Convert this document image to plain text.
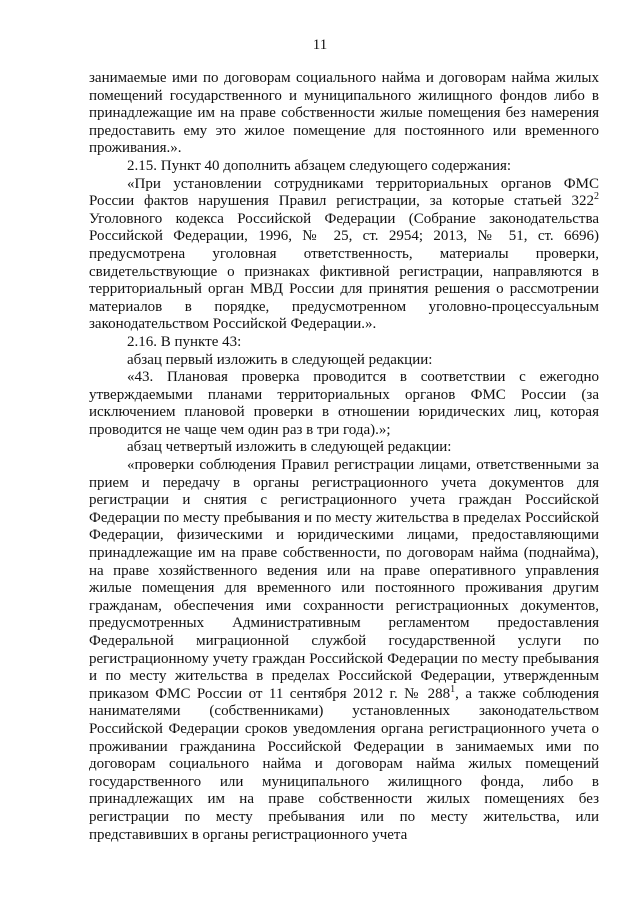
11

занимаемые ими по договорам социального найма и договорам найма жилых помещений государственного и муниципального жилищного фондов либо в принадлежащие им на праве собственности жилые помещения без намерения предоставить ему это жилое помещение для постоянного или временного проживания.».

2.15. Пункт 40 дополнить абзацем следующего содержания:

«При установлении сотрудниками территориальных органов ФМС России фактов нарушения Правил регистрации, за которые статьей $322^2$ Уголовного кодекса Российской Федерации (Собрание законодательства Российской Федерации, 1996, № 25, ст. 2954; 2013, № 51, ст. 6696) предусмотрена уголовная ответственность, материалы проверки, свидетельствующие о признаках фиктивной регистрации, направляются в территориальный орган МВД России для принятия решения о рассмотрении материалов в порядке, предусмотренном уголовно-процессуальным законодательством Российской Федерации.».

2.16. В пункте 43:

абзац первый изложить в следующей редакции:

«43. Плановая проверка проводится в соответствии с ежегодно утверждаемыми планами территориальных органов ФМС России (за исключением плановой проверки в отношении юридических лиц, которая проводится не чаще чем один раз в три года).»;

абзац четвертый изложить в следующей редакции:

«проверки соблюдения Правил регистрации лицами, ответственными за прием и передачу в органы регистрационного учета документов для регистрации и снятия с регистрационного учета граждан Российской Федерации по месту пребывания и по месту жительства в пределах Российской Федерации, физическими и юридическими лицами, предоставляющими принадлежащие им на праве собственности, по договорам найма (поднайма), на праве хозяйственного ведения или на праве оперативного управления жилые помещения для временного или постоянного проживания другим гражданам, обеспечения ими сохранности регистрационных документов, предусмотренных Административным регламентом предоставления Федеральной миграционной службой государственной услуги по регистрационному учету граждан Российской Федерации по месту пребывания и по месту жительства в пределах Российской Федерации, утвержденным приказом ФМС России от 11 сентября 2012 г. № $288^1$, а также соблюдения нанимателями (собственниками) установленных законодательством Российской Федерации сроков уведомления органа регистрационного учета о проживании гражданина Российской Федерации в занимаемых ими по договорам социального найма и договорам найма жилых помещений государственного или муниципального жилищного фонда, либо в принадлежащих им на праве собственности жилых помещениях без регистрации по месту пребывания или по месту жительства, или представивших в органы регистрационного учета
